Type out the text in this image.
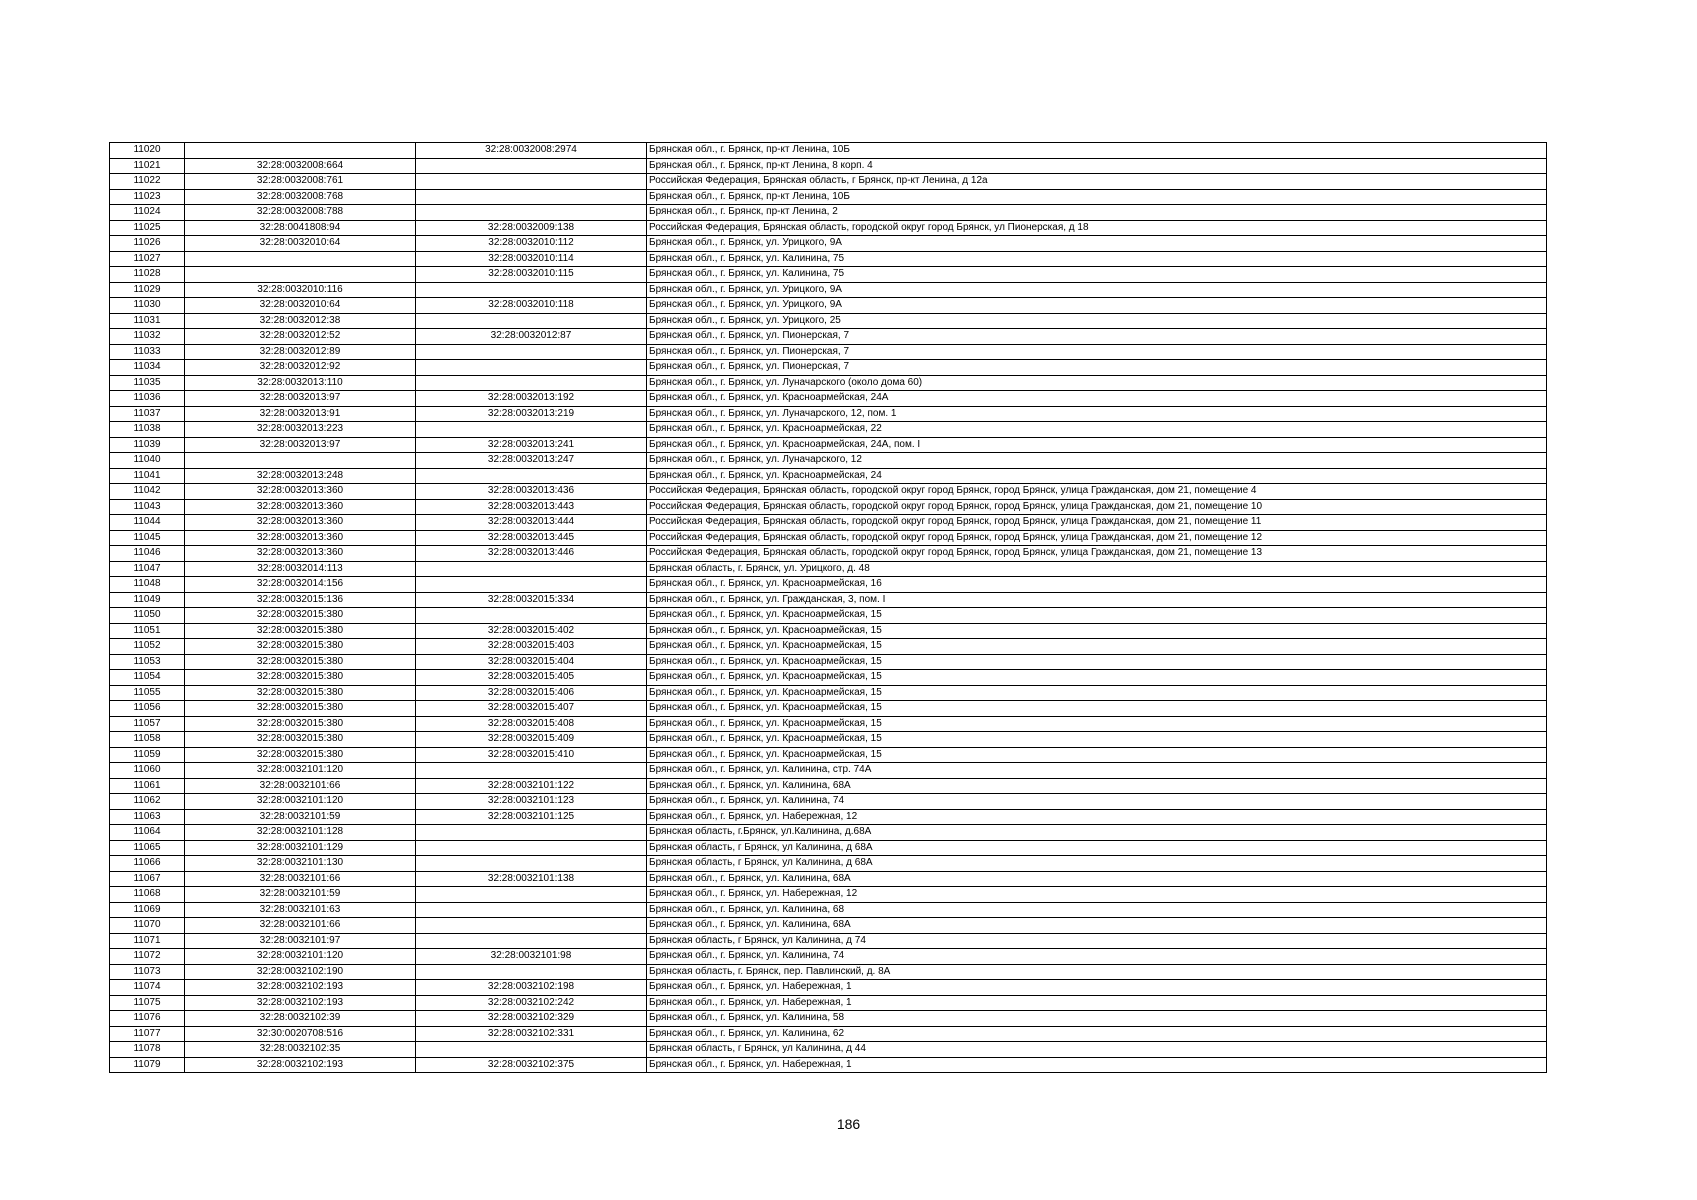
11020		32:28:0032008:2974	Брянская обл., г. Брянск, пр-кт Ленина, 10Б
11021	32:28:0032008:664		Брянская обл., г. Брянск, пр-кт Ленина, 8 корп. 4
11022	32:28:0032008:761		Российская Федерация, Брянская область, г Брянск, пр-кт Ленина, д 12а
11023	32:28:0032008:768		Брянская обл., г. Брянск, пр-кт Ленина, 10Б
11024	32:28:0032008:788		Брянская обл., г. Брянск, пр-кт Ленина, 2
11025	32:28:0041808:94	32:28:0032009:138	Российская Федерация, Брянская область, городской округ город Брянск, ул Пионерская, д 18
11026	32:28:0032010:64	32:28:0032010:112	Брянская обл., г. Брянск, ул. Урицкого, 9А
11027		32:28:0032010:114	Брянская обл., г. Брянск, ул. Калинина, 75
11028		32:28:0032010:115	Брянская обл., г. Брянск, ул. Калинина, 75
11029	32:28:0032010:116		Брянская обл., г. Брянск, ул. Урицкого, 9А
11030	32:28:0032010:64	32:28:0032010:118	Брянская обл., г. Брянск, ул. Урицкого, 9А
11031	32:28:0032012:38		Брянская обл., г. Брянск, ул. Урицкого, 25
11032	32:28:0032012:52	32:28:0032012:87	Брянская обл., г. Брянск, ул. Пионерская, 7
11033	32:28:0032012:89		Брянская обл., г. Брянск, ул. Пионерская, 7
11034	32:28:0032012:92		Брянская обл., г. Брянск, ул. Пионерская, 7
11035	32:28:0032013:110		Брянская обл., г. Брянск, ул. Луначарского (около дома 60)
11036	32:28:0032013:97	32:28:0032013:192	Брянская обл., г. Брянск, ул. Красноармейская, 24А
11037	32:28:0032013:91	32:28:0032013:219	Брянская обл., г. Брянск, ул. Луначарского, 12, пом. 1
11038	32:28:0032013:223		Брянская обл., г. Брянск, ул. Красноармейская, 22
11039	32:28:0032013:97	32:28:0032013:241	Брянская обл., г. Брянск, ул. Красноармейская, 24А, пом. I
11040		32:28:0032013:247	Брянская обл., г. Брянск, ул. Луначарского, 12
11041	32:28:0032013:248		Брянская обл., г. Брянск, ул. Красноармейская, 24
11042	32:28:0032013:360	32:28:0032013:436	Российская Федерация, Брянская область, городской округ город Брянск, город Брянск, улица Гражданская, дом 21, помещение 4
11043	32:28:0032013:360	32:28:0032013:443	Российская Федерация, Брянская область, городской округ город Брянск, город Брянск, улица Гражданская, дом 21, помещение 10
11044	32:28:0032013:360	32:28:0032013:444	Российская Федерация, Брянская область, городской округ город Брянск, город Брянск, улица Гражданская, дом 21, помещение 11
11045	32:28:0032013:360	32:28:0032013:445	Российская Федерация, Брянская область, городской округ город Брянск, город Брянск, улица Гражданская, дом 21, помещение 12
11046	32:28:0032013:360	32:28:0032013:446	Российская Федерация, Брянская область, городской округ город Брянск, город Брянск, улица Гражданская, дом 21, помещение 13
11047	32:28:0032014:113		Брянская область, г. Брянск, ул. Урицкого, д. 48
11048	32:28:0032014:156		Брянская обл., г. Брянск, ул. Красноармейская, 16
11049	32:28:0032015:136	32:28:0032015:334	Брянская обл., г. Брянск, ул. Гражданская, 3, пом. I
11050	32:28:0032015:380		Брянская обл., г. Брянск, ул. Красноармейская, 15
11051	32:28:0032015:380	32:28:0032015:402	Брянская обл., г. Брянск, ул. Красноармейская, 15
11052	32:28:0032015:380	32:28:0032015:403	Брянская обл., г. Брянск, ул. Красноармейская, 15
11053	32:28:0032015:380	32:28:0032015:404	Брянская обл., г. Брянск, ул. Красноармейская, 15
11054	32:28:0032015:380	32:28:0032015:405	Брянская обл., г. Брянск, ул. Красноармейская, 15
11055	32:28:0032015:380	32:28:0032015:406	Брянская обл., г. Брянск, ул. Красноармейская, 15
11056	32:28:0032015:380	32:28:0032015:407	Брянская обл., г. Брянск, ул. Красноармейская, 15
11057	32:28:0032015:380	32:28:0032015:408	Брянская обл., г. Брянск, ул. Красноармейская, 15
11058	32:28:0032015:380	32:28:0032015:409	Брянская обл., г. Брянск, ул. Красноармейская, 15
11059	32:28:0032015:380	32:28:0032015:410	Брянская обл., г. Брянск, ул. Красноармейская, 15
11060	32:28:0032101:120		Брянская обл., г. Брянск, ул. Калинина, стр. 74А
11061	32:28:0032101:66	32:28:0032101:122	Брянская обл., г. Брянск, ул. Калинина, 68А
11062	32:28:0032101:120	32:28:0032101:123	Брянская обл., г. Брянск, ул. Калинина, 74
11063	32:28:0032101:59	32:28:0032101:125	Брянская обл., г. Брянск, ул. Набережная, 12
11064	32:28:0032101:128		Брянская область, г.Брянск, ул.Калинина, д.68А
11065	32:28:0032101:129		Брянская область, г Брянск, ул Калинина, д 68А
11066	32:28:0032101:130		Брянская область, г Брянск, ул Калинина, д 68А
11067	32:28:0032101:66	32:28:0032101:138	Брянская обл., г. Брянск, ул. Калинина, 68А
11068	32:28:0032101:59		Брянская обл., г. Брянск, ул. Набережная, 12
11069	32:28:0032101:63		Брянская обл., г. Брянск, ул. Калинина, 68
11070	32:28:0032101:66		Брянская обл., г. Брянск, ул. Калинина, 68А
11071	32:28:0032101:97		Брянская область, г Брянск, ул Калинина, д 74
11072	32:28:0032101:120	32:28:0032101:98	Брянская обл., г. Брянск, ул. Калинина, 74
11073	32:28:0032102:190		Брянская область, г. Брянск, пер. Павлинский, д. 8А
11074	32:28:0032102:193	32:28:0032102:198	Брянская обл., г. Брянск, ул. Набережная, 1
11075	32:28:0032102:193	32:28:0032102:242	Брянская обл., г. Брянск, ул. Набережная, 1
11076	32:28:0032102:39	32:28:0032102:329	Брянская обл., г. Брянск, ул. Калинина, 58
11077	32:30:0020708:516	32:28:0032102:331	Брянская обл., г. Брянск, ул. Калинина, 62
11078	32:28:0032102:35		Брянская область, г Брянск, ул Калинина, д 44
11079	32:28:0032102:193	32:28:0032102:375	Брянская обл., г. Брянск, ул. Набережная, 1
186
